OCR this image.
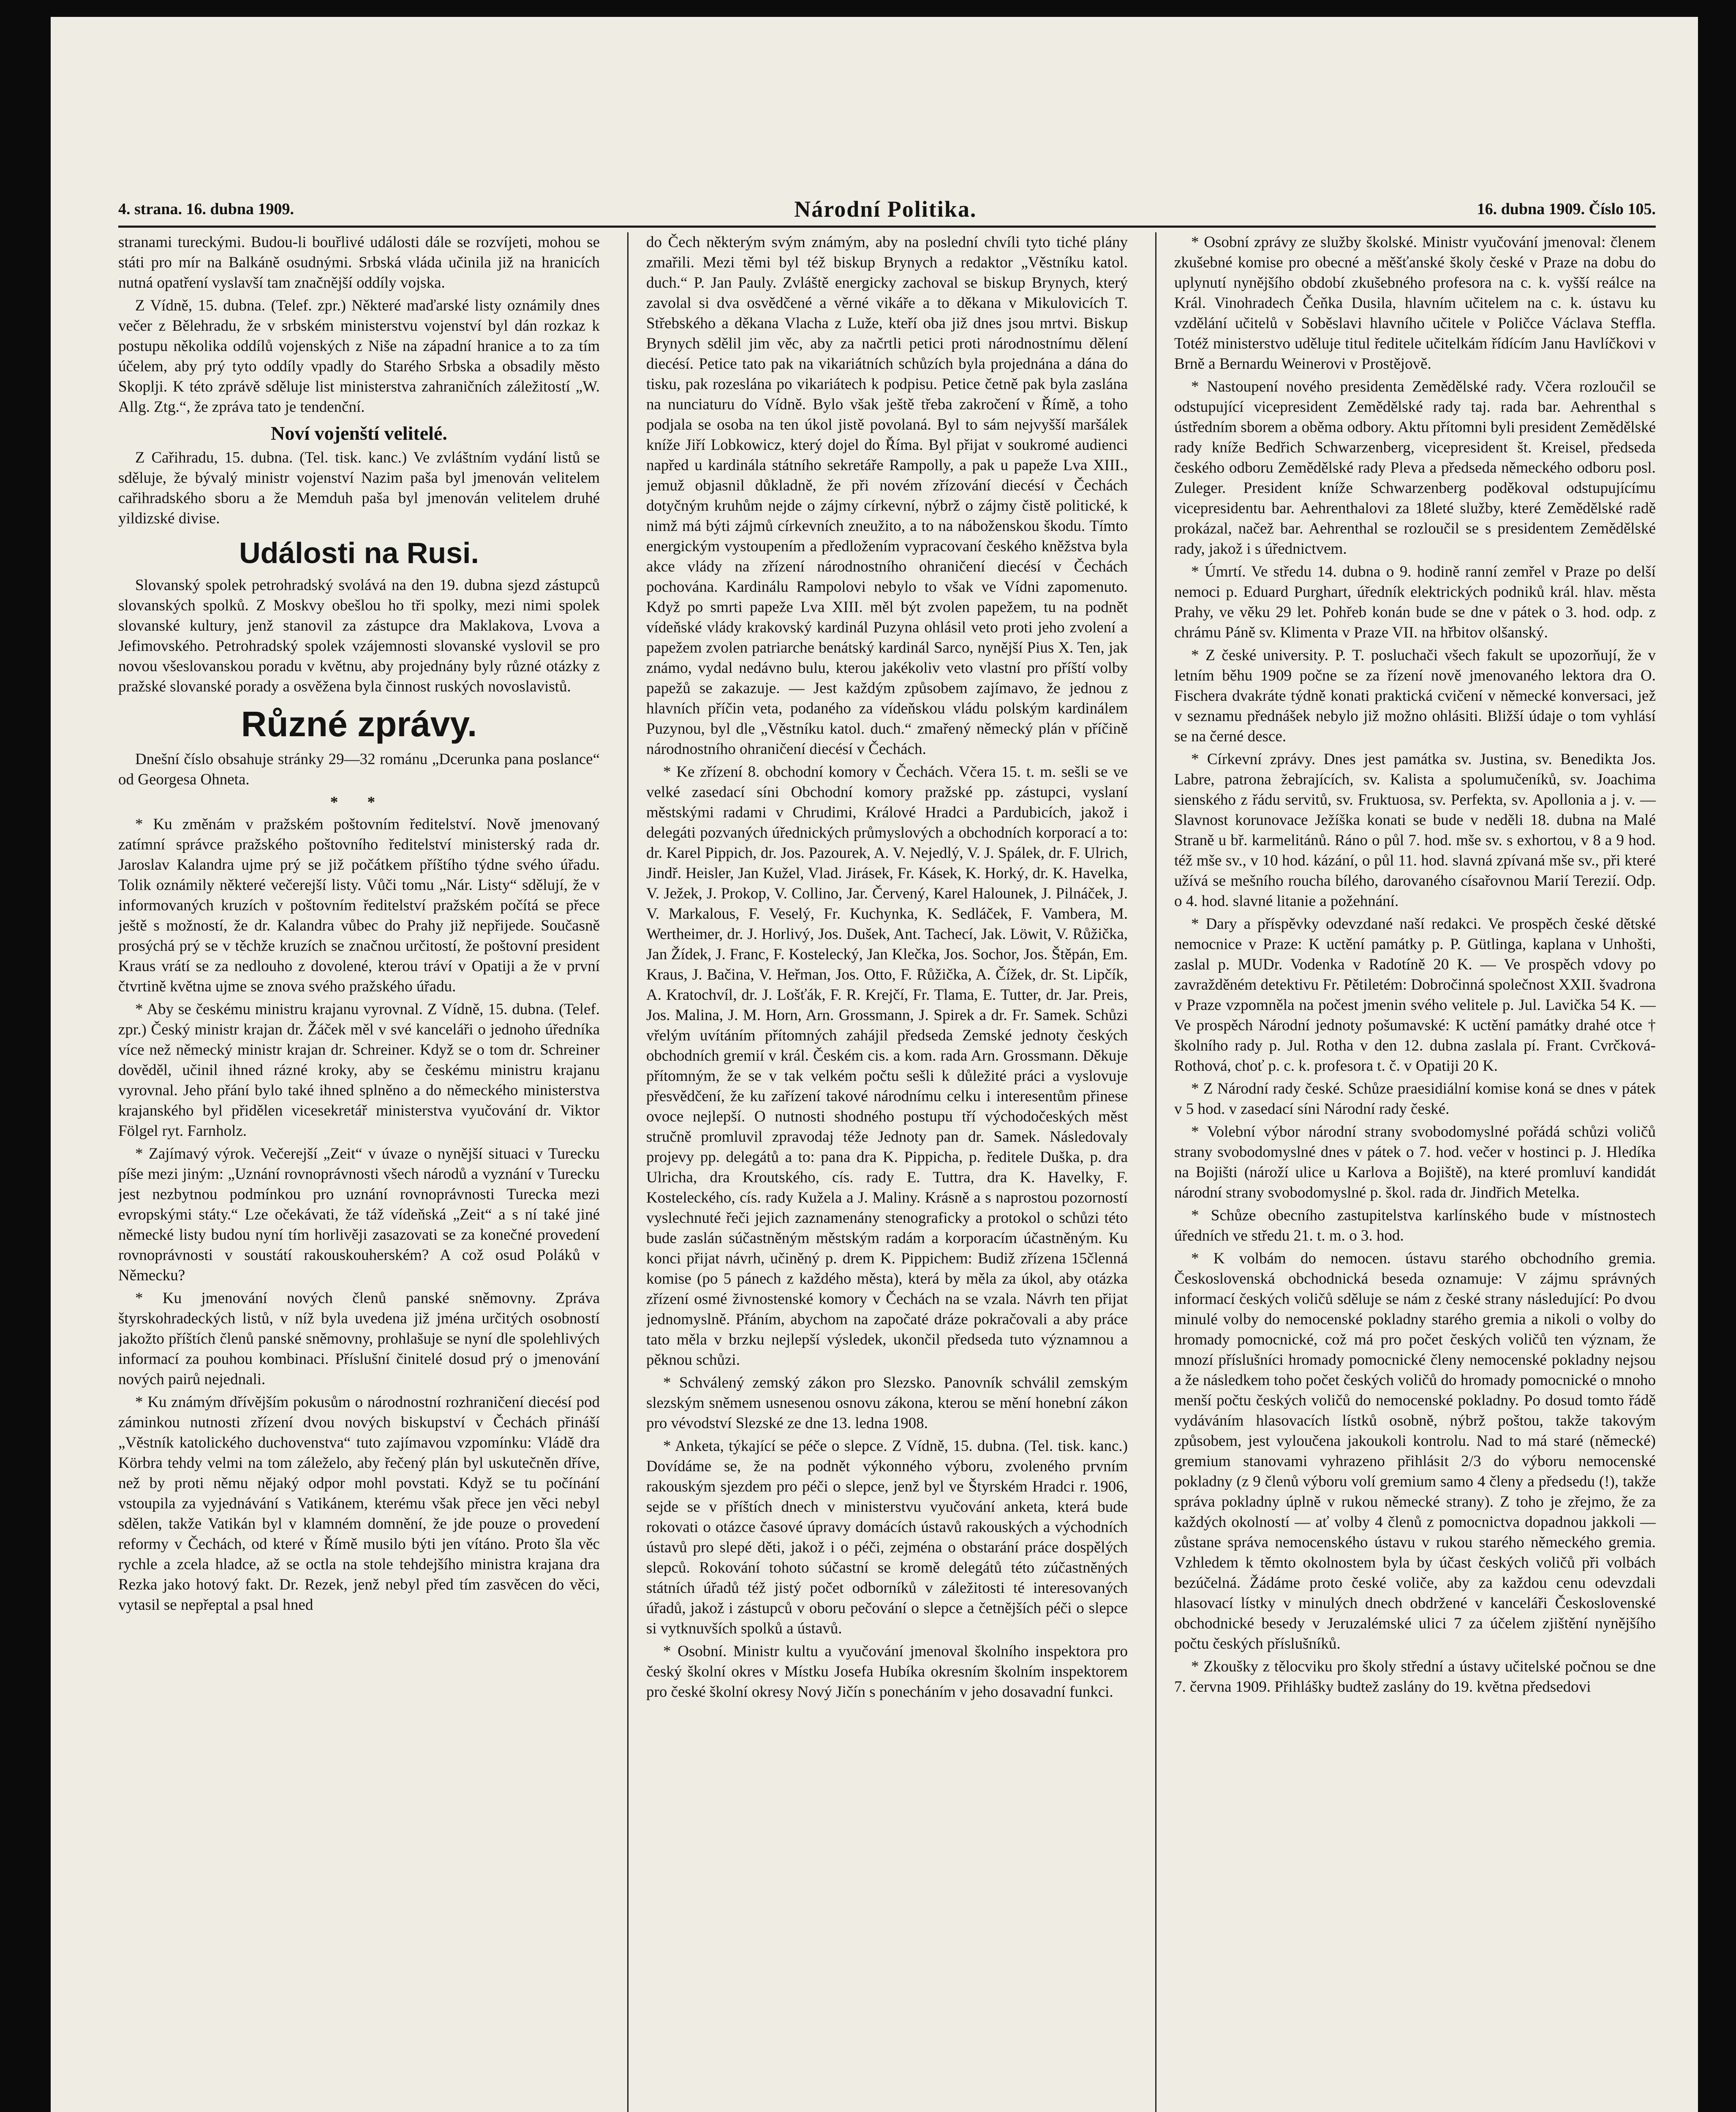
4. strana. 16. dubna 1909.	Národní Politika.	16. dubna 1909. Číslo 105.

stranami tureckými. Budou-li bouřlivé události dále se rozvíjeti, mohou se státi pro mír na Balkáně osudnými. Srbská vláda učinila již na hranicích nutná opatření vyslavší tam značnější oddíly vojska.

Z Vídně, 15. dubna. (Telef. zpr.) Některé maďarské listy oznámily dnes večer z Bělehradu, že v srbském ministerstvu vojenství byl dán rozkaz k postupu několika oddílů vojenských z Niše na západní hranice a to za tím účelem, aby prý tyto oddíly vpadly do Starého Srbska a obsadily město Skoplji. K této zprávě sděluje list ministerstva zahraničních záležitostí „W. Allg. Ztg.“, že zpráva tato je tendenční.

Noví vojenští velitelé.

Z Cařihradu, 15. dubna. (Tel. tisk. kanc.) Ve zvláštním vydání listů se sděluje, že bývalý ministr vojenství Nazim paša byl jmenován velitelem cařihradského sboru a že Memduh paša byl jmenován velitelem druhé yildizské divise.

Události na Rusi.

Slovanský spolek petrohradský svolává na den 19. dubna sjezd zástupců slovanských spolků. Z Moskvy obešlou ho tři spolky, mezi nimi spolek slovanské kultury, jenž stanovil za zástupce dra Maklakova, Lvova a Jefimovského. Petrohradský spolek vzájemnosti slovanské vyslovil se pro novou všeslovanskou poradu v květnu, aby projednány byly různé otázky z pražské slovanské porady a osvěžena byla činnost ruských novoslavistů.

Různé zprávy.

Dnešní číslo obsahuje stránky 29—32 románu „Dcerunka pana poslance“ od Georgesa Ohneta.

* *

* Ku změnám v pražském poštovním ředitelství. Nově jmenovaný zatímní správce pražského poštovního ředitelství ministerský rada dr. Jaroslav Kalandra ujme prý se již počátkem příštího týdne svého úřadu. Tolik oznámily některé večerejší listy. Vůči tomu „Nár. Listy“ sdělují, že v informovaných kruzích v poštovním ředitelství pražském počítá se přece ještě s možností, že dr. Kalandra vůbec do Prahy již nepřijede. Současně prosýchá prý se v těchže kruzích se značnou určitostí, že poštovní president Kraus vrátí se za nedlouho z dovolené, kterou tráví v Opatiji a že v první čtvrtině května ujme se znova svého pražského úřadu.

* Aby se českému ministru krajanu vyrovnal. Z Vídně, 15. dubna. (Telef. zpr.) Český ministr krajan dr. Žáček měl v své kanceláři o jednoho úředníka více než německý ministr krajan dr. Schreiner. Když se o tom dr. Schreiner dověděl, učinil ihned rázné kroky, aby se českému ministru krajanu vyrovnal. Jeho přání bylo také ihned splněno a do německého ministerstva krajanského byl přidělen vicesekretář ministerstva vyučování dr. Viktor Fölgel ryt. Farnholz.

* Zajímavý výrok. Večerejší „Zeit“ v úvaze o nynější situaci v Turecku píše mezi jiným: „Uznání rovnoprávnosti všech národů a vyznání v Turecku jest nezbytnou podmínkou pro uznání rovnoprávnosti Turecka mezi evropskými státy.“ Lze očekávati, že táž vídeňská „Zeit“ a s ní také jiné německé listy budou nyní tím horlivěji zasazovati se za konečné provedení rovnoprávnosti v soustátí rakouskouherském? A což osud Poláků v Německu?

* Ku jmenování nových členů panské sněmovny. Zpráva štyrskohradeckých listů, v níž byla uvedena již jména určitých osobností jakožto příštích členů panské sněmovny, prohlašuje se nyní dle spolehlivých informací za pouhou kombinaci. Příslušní činitelé dosud prý o jmenování nových pairů nejednali.

* Ku známým dřívějším pokusům o národnostní rozhraničení diecésí pod záminkou nutnosti zřízení dvou nových biskupství v Čechách přináší „Věstník katolického duchovenstva“ tuto zajímavou vzpomínku: Vládě dra Körbra tehdy velmi na tom záleželo, aby řečený plán byl uskutečněn dříve, než by proti němu nějaký odpor mohl povstati. Když se tu počínání vstoupila za vyjednávání s Vatikánem, kterému však přece jen věci nebyl sdělen, takže Vatikán byl v klamném domnění, že jde pouze o provedení reformy v Čechách, od které v Římě musilo býti jen vítáno. Proto šla věc rychle a zcela hladce, až se octla na stole tehdejšího ministra krajana dra Rezka jako hotový fakt. Dr. Rezek, jenž nebyl před tím zasvěcen do věci, vytasil se nepřeptal a psal hned

do Čech některým svým známým, aby na poslední chvíli tyto tiché plány zmařili. Mezi těmi byl též biskup Brynych a redaktor „Věstníku katol. duch.“ P. Jan Pauly. Zvláště energicky zachoval se biskup Brynych, který zavolal si dva osvědčené a věrné vikáře a to děkana v Mikulovicích T. Střebského a děkana Vlacha z Luže, kteří oba již dnes jsou mrtvi. Biskup Brynych sdělil jim věc, aby za načrtli petici proti národnostnímu dělení diecésí. Petice tato pak na vikariátních schůzích byla projednána a dána do tisku, pak rozeslána po vikariátech k podpisu. Petice četně pak byla zaslána na nunciaturu do Vídně. Bylo však ještě třeba zakročení v Římě, a toho podjala se osoba na ten úkol jistě povolaná. Byl to sám nejvyšší maršálek kníže Jiří Lobkowicz, který dojel do Říma. Byl přijat v soukromé audienci napřed u kardinála státního sekretáře Rampolly, a pak u papeže Lva XIII., jemuž objasnil důkladně, že při novém zřízování diecésí v Čechách dotyčným kruhům nejde o zájmy církevní, nýbrž o zájmy čistě politické, k nimž má býti zájmů církevních zneužito, a to na náboženskou škodu. Tímto energickým vystoupením a předložením vypracovaní českého kněžstva byla akce vlády na zřízení národnostního ohraničení diecésí v Čechách pochována. Kardinálu Rampolovi nebylo to však ve Vídni zapomenuto. Když po smrti papeže Lva XIII. měl být zvolen papežem, tu na podnět vídeňské vlády krakovský kardinál Puzyna ohlásil veto proti jeho zvolení a papežem zvolen patriarche benátský kardinál Sarco, nynější Pius X. Ten, jak známo, vydal nedávno bulu, kterou jakékoliv veto vlastní pro příští volby papežů se zakazuje. — Jest každým způsobem zajímavo, že jednou z hlavních příčin veta, podaného za vídeňskou vládu polským kardinálem Puzynou, byl dle „Věstníku katol. duch.“ zmařený německý plán v příčině národnostního ohraničení diecésí v Čechách.

* Ke zřízení 8. obchodní komory v Čechách. Včera 15. t. m. sešli se ve velké zasedací síni Obchodní komory pražské pp. zástupci, vyslaní městskými radami v Chrudimi, Králové Hradci a Pardubicích, jakož i delegáti pozvaných úřednických průmyslových a obchodních korporací a to: dr. Karel Pippich, dr. Jos. Pazourek, A. V. Nejedlý, V. J. Spálek, dr. F. Ulrich, Jindř. Heisler, Jan Kužel, Vlad. Jirásek, Fr. Kásek, K. Horký, dr. K. Havelka, V. Ježek, J. Prokop, V. Collino, Jar. Červený, Karel Halounek, J. Pilnáček, J. V. Markalous, F. Veselý, Fr. Kuchynka, K. Sedláček, F. Vambera, M. Wertheimer, dr. J. Horlivý, Jos. Dušek, Ant. Tachecí, Jak. Löwit, V. Růžička, Jan Žídek, J. Franc, F. Kostelecký, Jan Klečka, Jos. Sochor, Jos. Štěpán, Em. Kraus, J. Bačina, V. Heřman, Jos. Otto, F. Růžička, A. Čížek, dr. St. Lipčík, A. Kratochvíl, dr. J. Lošťák, F. R. Krejčí, Fr. Tlama, E. Tutter, dr. Jar. Preis, Jos. Malina, J. M. Horn, Arn. Grossmann, J. Spirek a dr. Fr. Samek. Schůzi vřelým uvítáním přítomných zahájil předseda Zemské jednoty českých obchodních gremií v král. Českém cis. a kom. rada Arn. Grossmann. Děkuje přítomným, že se v tak velkém počtu sešli k důležité práci a vyslovuje přesvědčení, že ku zařízení takové národnímu celku i interesentům přinese ovoce nejlepší. O nutnosti shodného postupu tří východočeských měst stručně promluvil zpravodaj téže Jednoty pan dr. Samek. Následovaly projevy pp. delegátů a to: pana dra K. Pippicha, p. ředitele Duška, p. dra Ulricha, dra Kroutského, cís. rady E. Tuttra, dra K. Havelky, F. Kosteleckého, cís. rady Kužela a J. Maliny. Krásně a s naprostou pozorností vyslechnuté řeči jejich zaznamenány stenograficky a protokol o schůzi této bude zaslán súčastněným městským radám a korporacím účastněným. Ku konci přijat návrh, učiněný p. drem K. Pippichem: Budiž zřízena 15členná komise (po 5 pánech z každého města), která by měla za úkol, aby otázka zřízení osmé živnostenské komory v Čechách na se vzala. Návrh ten přijat jednomyslně. Přáním, abychom na započaté dráze pokračovali a aby práce tato měla v brzku nejlepší výsledek, ukončil předseda tuto významnou a pěknou schůzi.

* Schválený zemský zákon pro Slezsko. Panovník schválil zemským slezským sněmem usnesenou osnovu zákona, kterou se mění honební zákon pro vévodství Slezské ze dne 13. ledna 1908.

* Anketa, týkající se péče o slepce. Z Vídně, 15. dubna. (Tel. tisk. kanc.) Dovídáme se, že na podnět výkonného výboru, zvoleného prvním rakouským sjezdem pro péči o slepce, jenž byl ve Štyrském Hradci r. 1906, sejde se v příštích dnech v ministerstvu vyučování anketa, která bude rokovati o otázce časové úpravy domácích ústavů rakouských a východních ústavů pro slepé děti, jakož i o péči, zejména o obstarání práce dospělých slepců. Rokování tohoto súčastní se kromě delegátů této zúčastněných státních úřadů též jistý počet odborníků v záležitosti té interesovaných úřadů, jakož i zástupců v oboru pečování o slepce a četnějších péči o slepce si vytknuvších spolků a ústavů.

* Osobní. Ministr kultu a vyučování jmenoval školního inspektora pro český školní okres v Místku Josefa Hubíka okresním školním inspektorem pro české školní okresy Nový Jičín s ponecháním v jeho dosavadní funkci.

* Osobní zprávy ze služby školské. Ministr vyučování jmenoval: členem zkušebné komise pro obecné a měšťanské školy české v Praze na dobu do uplynutí nynějšího období zkušebného profesora na c. k. vyšší reálce na Král. Vinohradech Čeňka Dusila, hlavním učitelem na c. k. ústavu ku vzdělání učitelů v Soběslavi hlavního učitele v Poličce Václava Steffla. Totéž ministerstvo uděluje titul ředitele učitelkám řídícím Janu Havlíčkovi v Brně a Bernardu Weinerovi v Prostějově.

* Nastoupení nového presidenta Zemědělské rady. Včera rozloučil se odstupující vicepresident Zemědělské rady taj. rada bar. Aehrenthal s ústředním sborem a oběma odbory. Aktu přítomni byli president Zemědělské rady kníže Bedřich Schwarzenberg, vicepresident št. Kreisel, předseda českého odboru Zemědělské rady Pleva a předseda německého odboru posl. Zuleger. President kníže Schwarzenberg poděkoval odstupujícímu vicepresidentu bar. Aehrenthalovi za 18leté služby, které Zemědělské radě prokázal, načež bar. Aehrenthal se rozloučil se s presidentem Zemědělské rady, jakož i s úřednictvem.

* Úmrtí. Ve středu 14. dubna o 9. hodině ranní zemřel v Praze po delší nemoci p. Eduard Purghart, úředník elektrických podniků král. hlav. města Prahy, ve věku 29 let. Pohřeb konán bude se dne v pátek o 3. hod. odp. z chrámu Páně sv. Klimenta v Praze VII. na hřbitov olšanský.

* Z české university. P. T. posluchači všech fakult se upozorňují, že v letním běhu 1909 počne se za řízení nově jmenovaného lektora dra O. Fischera dvakráte týdně konati praktická cvičení v německé konversaci, jež v seznamu přednášek nebylo již možno ohlásiti. Bližší údaje o tom vyhlásí se na černé desce.

* Církevní zprávy. Dnes jest památka sv. Justina, sv. Benedikta Jos. Labre, patrona žebrajících, sv. Kalista a spolumučeníků, sv. Joachima sienského z řádu servitů, sv. Fruktuosa, sv. Perfekta, sv. Apollonia a j. v. — Slavnost korunovace Ježíška konati se bude v neděli 18. dubna na Malé Straně u bř. karmelitánů. Ráno o půl 7. hod. mše sv. s exhortou, v 8 a 9 hod. též mše sv., v 10 hod. kázání, o půl 11. hod. slavná zpívaná mše sv., při které užívá se mešního roucha bílého, darovaného císařovnou Marií Terezií. Odp. o 4. hod. slavné litanie a požehnání.

* Dary a příspěvky odevzdané naší redakci. Ve prospěch české dětské nemocnice v Praze: K uctění památky p. P. Gütlinga, kaplana v Unhošti, zaslal p. MUDr. Vodenka v Radotíně 20 K. — Ve prospěch vdovy po zavražděném detektivu Fr. Pětiletém: Dobročinná společnost XXII. švadrona v Praze vzpomněla na počest jmenin svého velitele p. Jul. Lavička 54 K. — Ve prospěch Národní jednoty pošumavské: K uctění památky drahé otce † školního rady p. Jul. Rotha v den 12. dubna zaslala pí. Frant. Cvrčková-Rothová, choť p. c. k. profesora t. č. v Opatiji 20 K.

* Z Národní rady české. Schůze praesidiální komise koná se dnes v pátek v 5 hod. v zasedací síni Národní rady české.

* Volební výbor národní strany svobodomyslné pořádá schůzi voličů strany svobodomyslné dnes v pátek o 7. hod. večer v hostinci p. J. Hledíka na Bojišti (nároží ulice u Karlova a Bojiště), na které promluví kandidát národní strany svobodomyslné p. škol. rada dr. Jindřich Metelka.

* Schůze obecního zastupitelstva karlínského bude v místnostech úředních ve středu 21. t. m. o 3. hod.

* K volbám do nemocen. ústavu starého obchodního gremia. Československá obchodnická beseda oznamuje: V zájmu správných informací českých voličů sděluje se nám z české strany následující: Po dvou minulé volby do nemocenské pokladny starého gremia a nikoli o volby do hromady pomocnické, což má pro počet českých voličů ten význam, že mnozí příslušníci hromady pomocnické členy nemocenské pokladny nejsou a že následkem toho počet českých voličů do hromady pomocnické o mnoho menší počtu českých voličů do nemocenské pokladny. Po dosud tomto řádě vydáváním hlasovacích lístků osobně, nýbrž poštou, takže takovým způsobem, jest vyloučena jakoukoli kontrolu. Nad to má staré (německé) gremium stanovami vyhrazeno přihlásit 2/3 do výboru nemocenské pokladny (z 9 členů výboru volí gremium samo 4 členy a předsedu (!), takže správa pokladny úplně v rukou německé strany). Z toho je zřejmo, že za každých okolností — ať volby 4 členů z pomocnictva dopadnou jakkoli — zůstane správa nemocenského ústavu v rukou starého německého gremia. Vzhledem k těmto okolnostem byla by účast českých voličů při volbách bezúčelná. Žádáme proto české voliče, aby za každou cenu odevzdali hlasovací lístky v minulých dnech obdržené v kanceláři Československé obchodnické besedy v Jeruzalémské ulici 7 za účelem zjištění nynějšího počtu českých příslušníků.

* Zkoušky z tělocviku pro školy střední a ústavy učitelské počnou se dne 7. června 1909. Přihlášky budtež zaslány do 19. května předsedovi
